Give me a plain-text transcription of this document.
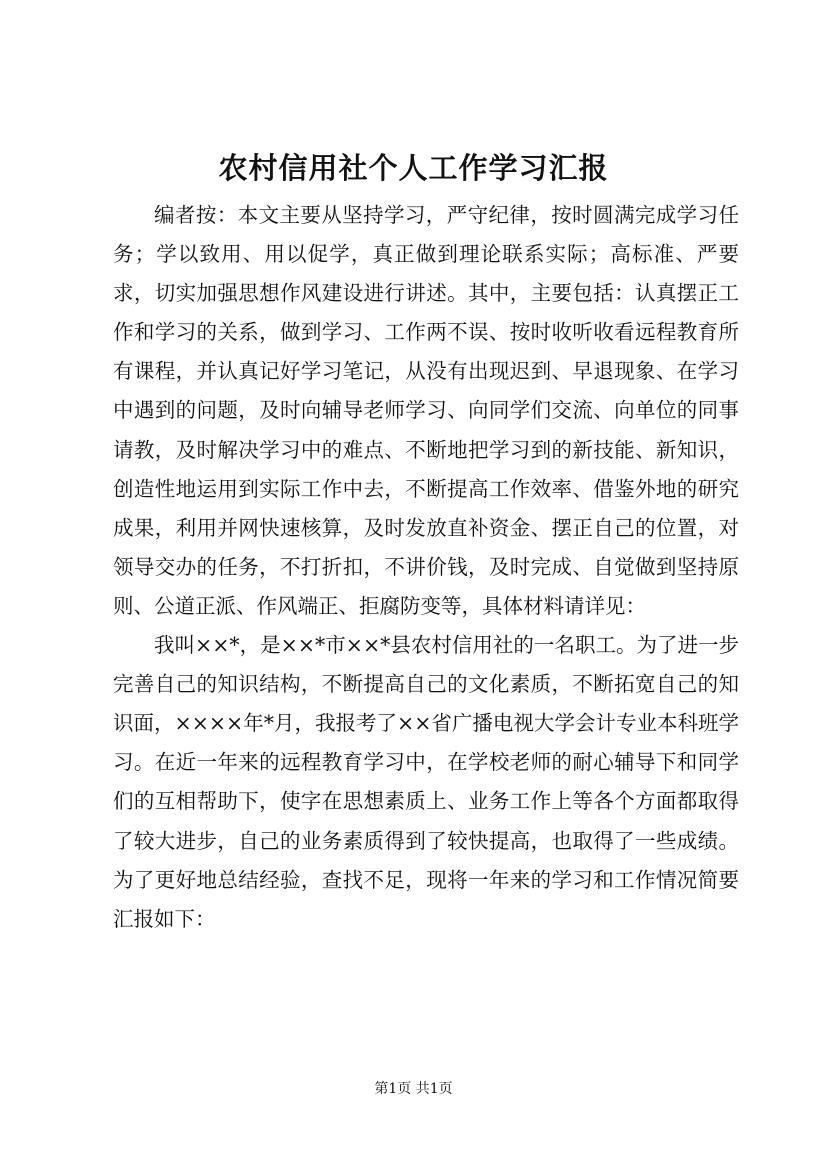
农村信用社个人工作学习汇报

编者按：本文主要从坚持学习，严守纪律，按时圆满完成学习任务；学以致用、用以促学，真正做到理论联系实际；高标准、严要求，切实加强思想作风建设进行讲述。其中，主要包括：认真摆正工作和学习的关系，做到学习、工作两不误、按时收听收看远程教育所有课程，并认真记好学习笔记，从没有出现迟到、早退现象、在学习中遇到的问题，及时向辅导老师学习、向同学们交流、向单位的同事请教，及时解决学习中的难点、不断地把学习到的新技能、新知识，创造性地运用到实际工作中去，不断提高工作效率、借鉴外地的研究成果，利用并网快速核算，及时发放直补资金、摆正自己的位置，对领导交办的任务，不打折扣，不讲价钱，及时完成、自觉做到坚持原则、公道正派、作风端正、拒腐防变等，具体材料请详见：

我叫××*，是××*市××*县农村信用社的一名职工。为了进一步完善自己的知识结构，不断提高自己的文化素质，不断拓宽自己的知识面，××××年*月，我报考了××省广播电视大学会计专业本科班学习。在近一年来的远程教育学习中，在学校老师的耐心辅导下和同学们的互相帮助下，使字在思想素质上、业务工作上等各个方面都取得了较大进步，自己的业务素质得到了较快提高，也取得了一些成绩。为了更好地总结经验，查找不足，现将一年来的学习和工作情况简要汇报如下：

第1页 共1页
